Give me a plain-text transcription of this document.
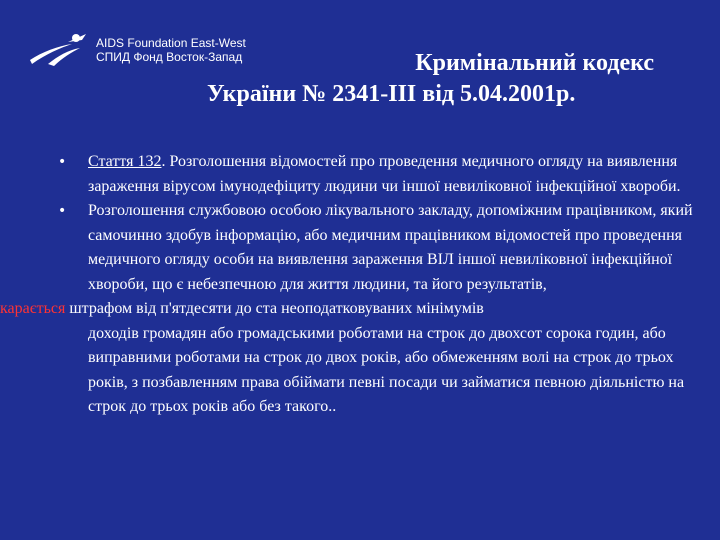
AIDS Foundation East-West
СПИД Фонд Восток-Запад	Кримінальний кодекс
України № 2341-III від 5.04.2001р.
• Стаття 132. Розголошення відомостей про проведення медичного огляду на виявлення зараження вірусом імунодефіциту людини чи іншої невиліковної інфекційної хвороби.
• Розголошення службовою особою лікувального закладу, допоміжним працівником, який самочинно здобув інформацію, або медичним працівником відомостей про проведення медичного огляду особи на виявлення зараження ВІЛ іншої невиліковної інфекційної хвороби, що є небезпечною для життя людини, та його результатів,
карається штрафом від п'ятдесяти до ста неоподатковуваних мінімумів
доходів громадян або громадськими роботами на строк до двохсот сорока годин, або виправними роботами на строк до двох років, або обмеженням волі на строк до трьох років, з позбавленням права обіймати певні посади чи займатися певною діяльністю на строк до трьох років або без такого..
